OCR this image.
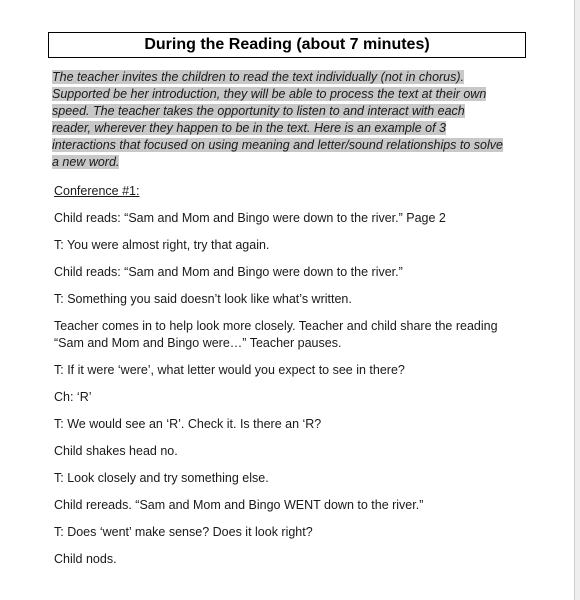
During the Reading (about 7 minutes)
The teacher invites the children to read the text individually (not in chorus).
Supported be her introduction, they will be able to process the text at their own
speed. The teacher takes the opportunity to listen to and interact with each
reader, wherever they happen to be in the text. Here is an example of 3
interactions that focused on using meaning and letter/sound relationships to solve
a new word.
Conference #1:
Child reads: “Sam and Mom and Bingo were down to the river.” Page 2
T: You were almost right, try that again.
Child reads: “Sam and Mom and Bingo were down to the river.”
T: Something you said doesn’t look like what’s written.
Teacher comes in to help look more closely. Teacher and child share the reading
“Sam and Mom and Bingo were…” Teacher pauses.
T: If it were ‘were’, what letter would you expect to see in there?
Ch: ‘R’
T: We would see an ‘R’. Check it. Is there an ‘R?
Child shakes head no.
T: Look closely and try something else.
Child rereads. “Sam and Mom and Bingo WENT down to the river.”
T: Does ‘went’ make sense? Does it look right?
Child nods.
